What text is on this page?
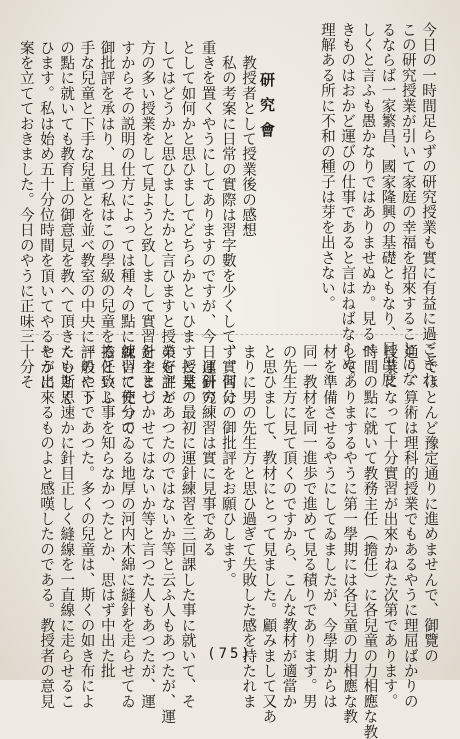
今日の一時間足らずの研究授業も實に有益に過ごされ

この研究授業が引いて家庭の幸福を招來することにな

るならば一家繁昌、國家隆興の基礎ともなり、目出度

しくと言ふも愚かなりではありませぬか。見るべ

きものはおかど運びの仕事であると言はねばならぬ。

理解ある所に不和の種子は芽を出さない。

研究會

　教授者として授業後の感想

　私の考案に日常の實際は習字數を少くして、實習に

重きを置くやうにしてありますのですが、今日は研究

として如何かと思ひましてどちらかといひますと見

してはどうかと思ひましたかと言ひますと授業を主と

方の多い授業をして見ようと致しまして實習を主とし

すからその説明の仕方によっては種々の點に就いて充分の

御批評を承はり、且つ私はこの學級の兒童を擔任致し

手な兒童と下手な兒童とを並べ教室の中央に一般に下

の點に就いても教育上の御意見を教へて頂きたいと思

ひます。私は始め五十分位時間を頂いてやるやうに

案を立てておきました。今日のやうに正味三十分そ

こでほとんど豫定通りに進めませんで、御覽の

通り、算術は理科的授業でもあるやうに理屈ばかりの

授業になって十分實習が出來かねた次第であります。

時間の點に就いて教務主任（擔任）に各兒童の力相應な教

してありまするやうに第一學期には各兒童の力相應な教

材を準備させるやうにしてゐましたが、今學期からは

同一教材を同一進歩で進めて見る積りであります。男

の先生方に見て頂くのですから、こんな教材が適當か

と思ひまして、教材にとって見ました。顧みまして又あ

まりに男の先生方と思ひ過ぎて失敗した感を持たれま

す。何分の御批評をお願ひします。

　運針の練習は實に見事である

　授業の最初に運針練習を三回課した事に就いて、そ

の好評があつたのではないか等と云ふ人もあつたが、運

針をまづかせてはないか等と言つた人もあつたが、運

練習に使つてゐる地厚の河内木綿に縫針を走らせてゐ

るといふ事を知らなかつたとか、思はず中出た批

評のやうであつた。多くの兒童は、斯くの如き布によ

くも斯く速かに針目正しく縫線を一直線に走らせるこ

とが出來るものよと感嘆したのである。教授者の意見	(75)
